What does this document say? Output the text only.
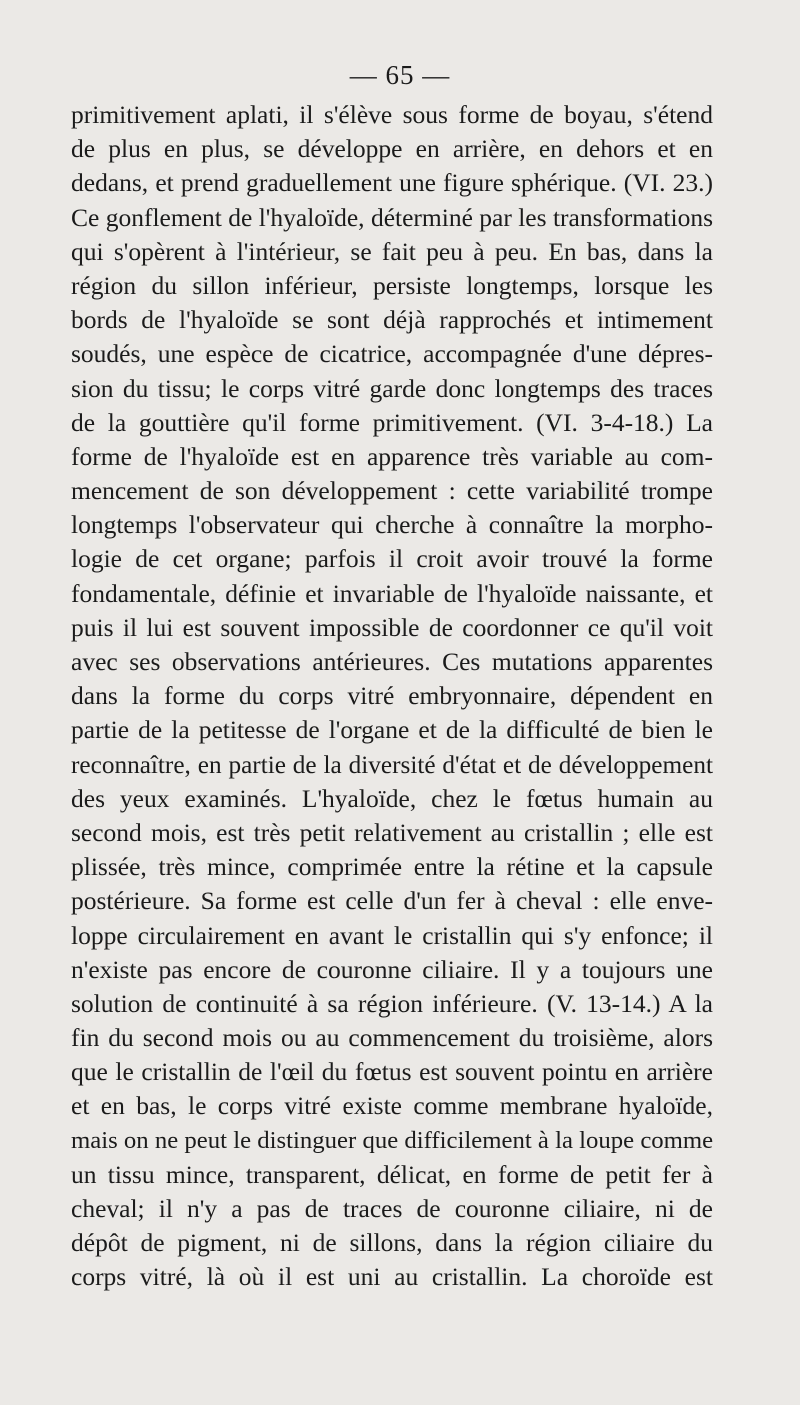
— 65 —
primitivement aplati, il s'élève sous forme de boyau, s'étend
de plus en plus, se développe en arrière, en dehors et en
dedans, et prend graduellement une figure sphérique. (VI. 23.)
Ce gonflement de l'hyaloïde, déterminé par les transformations
qui s'opèrent à l'intérieur, se fait peu à peu. En bas, dans la
région du sillon inférieur, persiste longtemps, lorsque les
bords de l'hyaloïde se sont déjà rapprochés et intimement
soudés, une espèce de cicatrice, accompagnée d'une dépres-
sion du tissu; le corps vitré garde donc longtemps des traces
de la gouttière qu'il forme primitivement. (VI. 3-4-18.) La
forme de l'hyaloïde est en apparence très variable au com-
mencement de son développement : cette variabilité trompe
longtemps l'observateur qui cherche à connaître la morpho-
logie de cet organe; parfois il croit avoir trouvé la forme
fondamentale, définie et invariable de l'hyaloïde naissante, et
puis il lui est souvent impossible de coordonner ce qu'il voit
avec ses observations antérieures. Ces mutations apparentes
dans la forme du corps vitré embryonnaire, dépendent en
partie de la petitesse de l'organe et de la difficulté de bien le
reconnaître, en partie de la diversité d'état et de développement
des yeux examinés. L'hyaloïde, chez le fœtus humain au
second mois, est très petit relativement au cristallin ; elle est
plissée, très mince, comprimée entre la rétine et la capsule
postérieure. Sa forme est celle d'un fer à cheval : elle enve-
loppe circulairement en avant le cristallin qui s'y enfonce; il
n'existe pas encore de couronne ciliaire. Il y a toujours une
solution de continuité à sa région inférieure. (V. 13-14.) A la
fin du second mois ou au commencement du troisième, alors
que le cristallin de l'œil du fœtus est souvent pointu en arrière
et en bas, le corps vitré existe comme membrane hyaloïde,
mais on ne peut le distinguer que difficilement à la loupe comme
un tissu mince, transparent, délicat, en forme de petit fer à
cheval; il n'y a pas de traces de couronne ciliaire, ni de
dépôt de pigment, ni de sillons, dans la région ciliaire du
corps vitré, là où il est uni au cristallin. La choroïde est
